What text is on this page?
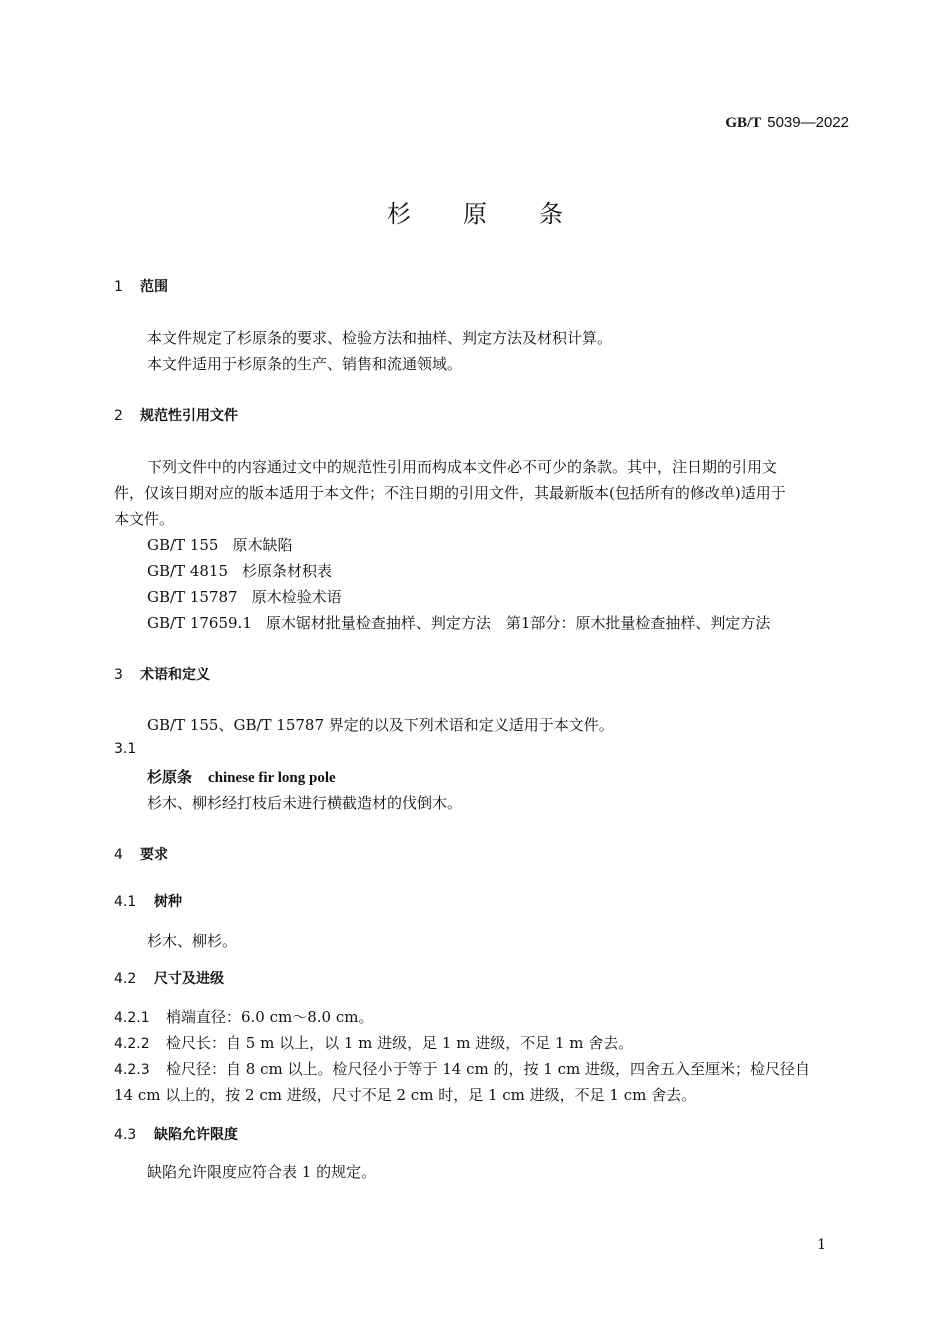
GB/T 5039—2022
杉 原 条
1 范围
本文件规定了杉原条的要求、检验方法和抽样、判定方法及材积计算。
本文件适用于杉原条的生产、销售和流通领域。
2 规范性引用文件
下列文件中的内容通过文中的规范性引用而构成本文件必不可少的条款。其中，注日期的引用文
件，仅该日期对应的版本适用于本文件；不注日期的引用文件，其最新版本(包括所有的修改单)适用于
本文件。
GB/T 155 原木缺陷
GB/T 4815 杉原条材积表
GB/T 15787 原木检验术语
GB/T 17659.1 原木锯材批量检查抽样、判定方法　第1部分：原木批量检查抽样、判定方法
3 术语和定义
GB/T 155、GB/T 15787 界定的以及下列术语和定义适用于本文件。
3.1
杉原条 chinese fir long pole
杉木、柳杉经打枝后未进行横截造材的伐倒木。
4 要求
4.1 树种
杉木、柳杉。
4.2 尺寸及进级
4.2.1 梢端直径：6.0 cm～8.0 cm。
4.2.2 检尺长：自 5 m 以上，以 1 m 进级，足 1 m 进级，不足 1 m 舍去。
4.2.3 检尺径：自 8 cm 以上。检尺径小于等于 14 cm 的，按 1 cm 进级，四舍五入至厘米；检尺径自
14 cm 以上的，按 2 cm 进级，尺寸不足 2 cm 时，足 1 cm 进级，不足 1 cm 舍去。
4.3 缺陷允许限度
缺陷允许限度应符合表 1 的规定。
1
